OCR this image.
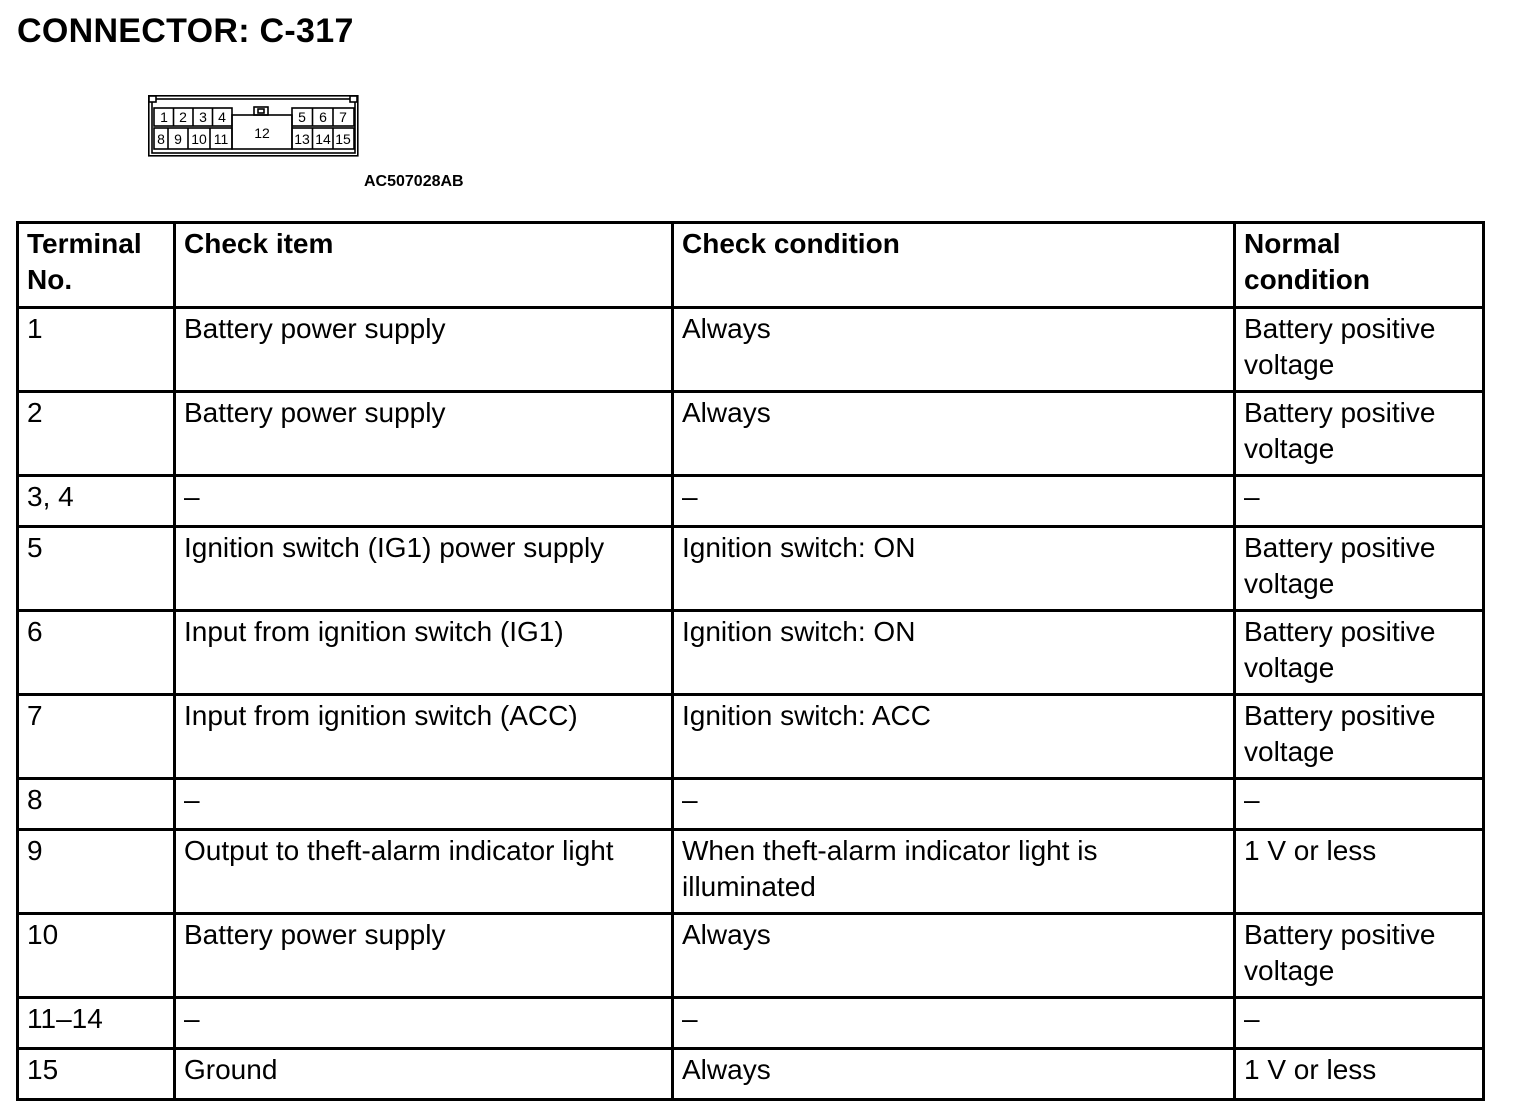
CONNECTOR: C-317
1 2 3 4
8 9 10 11 12
5 6 7
13 14 15
AC507028AB
Terminal No.	Check item	Check condition	Normal condition
1	Battery power supply	Always	Battery positive voltage
2	Battery power supply	Always	Battery positive voltage
3, 4	–	–	–
5	Ignition switch (IG1) power supply	Ignition switch: ON	Battery positive voltage
6	Input from ignition switch (IG1)	Ignition switch: ON	Battery positive voltage
7	Input from ignition switch (ACC)	Ignition switch: ACC	Battery positive voltage
8	–	–	–
9	Output to theft-alarm indicator light	When theft-alarm indicator light is illuminated	1 V or less
10	Battery power supply	Always	Battery positive voltage
11–14	–	–	–
15	Ground	Always	1 V or less
